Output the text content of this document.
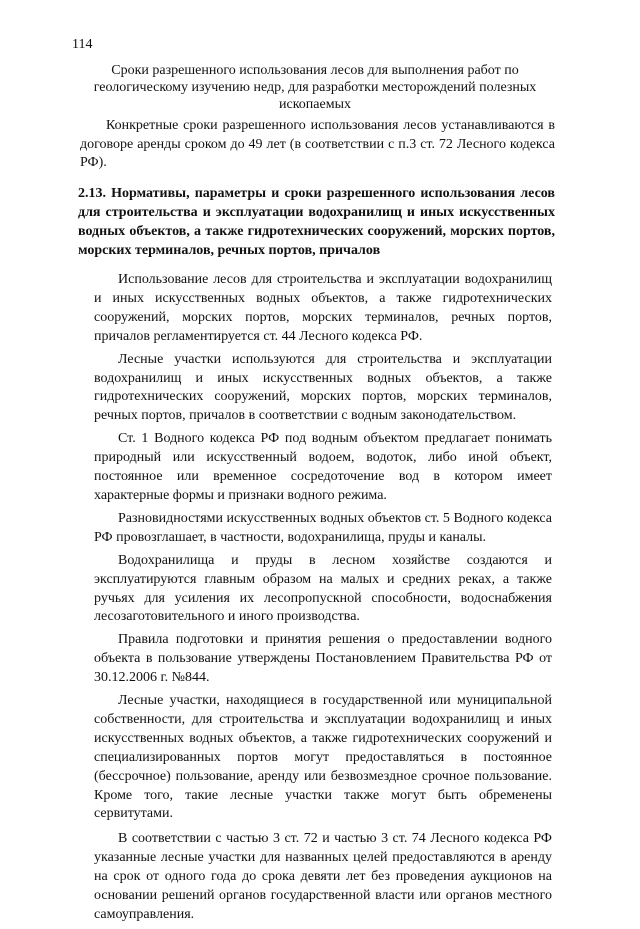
114
Сроки разрешенного использования лесов для выполнения работ по геологическому изучению недр, для разработки месторождений полезных ископаемых

Конкретные сроки разрешенного использования лесов устанавливаются в договоре аренды сроком до 49 лет (в соответствии с п.3 ст. 72 Лесного кодекса РФ).

2.13. Нормативы, параметры и сроки разрешенного использования лесов для строительства и эксплуатации водохранилищ и иных искусственных водных объектов, а также гидротехнических сооружений, морских портов, морских терминалов, речных портов, причалов

Использование лесов для строительства и эксплуатации водохранилищ и иных искусственных водных объектов, а также гидротехнических сооружений, морских портов, морских терминалов, речных портов, причалов регламентируется ст. 44 Лесного кодекса РФ.

Лесные участки используются для строительства и эксплуатации водохранилищ и иных искусственных водных объектов, а также гидротехнических сооружений, морских портов, морских терминалов, речных портов, причалов в соответствии с водным законодательством.

Ст. 1 Водного кодекса РФ под водным объектом предлагает понимать природный или искусственный водоем, водоток, либо иной объект, постоянное или временное сосредоточение вод в котором имеет характерные формы и признаки водного режима.

Разновидностями искусственных водных объектов ст. 5 Водного кодекса РФ провозглашает, в частности, водохранилища, пруды и каналы.

Водохранилища и пруды в лесном хозяйстве создаются и эксплуатируются главным образом на малых и средних реках, а также ручьях для усиления их лесопропускной способности, водоснабжения лесозаготовительного и иного производства.

Правила подготовки и принятия решения о предоставлении водного объекта в пользование утверждены Постановлением Правительства РФ от 30.12.2006 г. №844.

Лесные участки, находящиеся в государственной или муниципальной собственности, для строительства и эксплуатации водохранилищ и иных искусственных водных объектов, а также гидротехнических сооружений и специализированных портов могут предоставляться в постоянное (бессрочное) пользование, аренду или безвозмездное срочное пользование. Кроме того, такие лесные участки также могут быть обременены сервитутами.

В соответствии с частью 3 ст. 72 и частью 3 ст. 74 Лесного кодекса РФ указанные лесные участки для названных целей предоставляются в аренду на срок от одного года до срока девяти лет без проведения аукционов на основании решений органов государственной власти или органов местного самоуправления.
